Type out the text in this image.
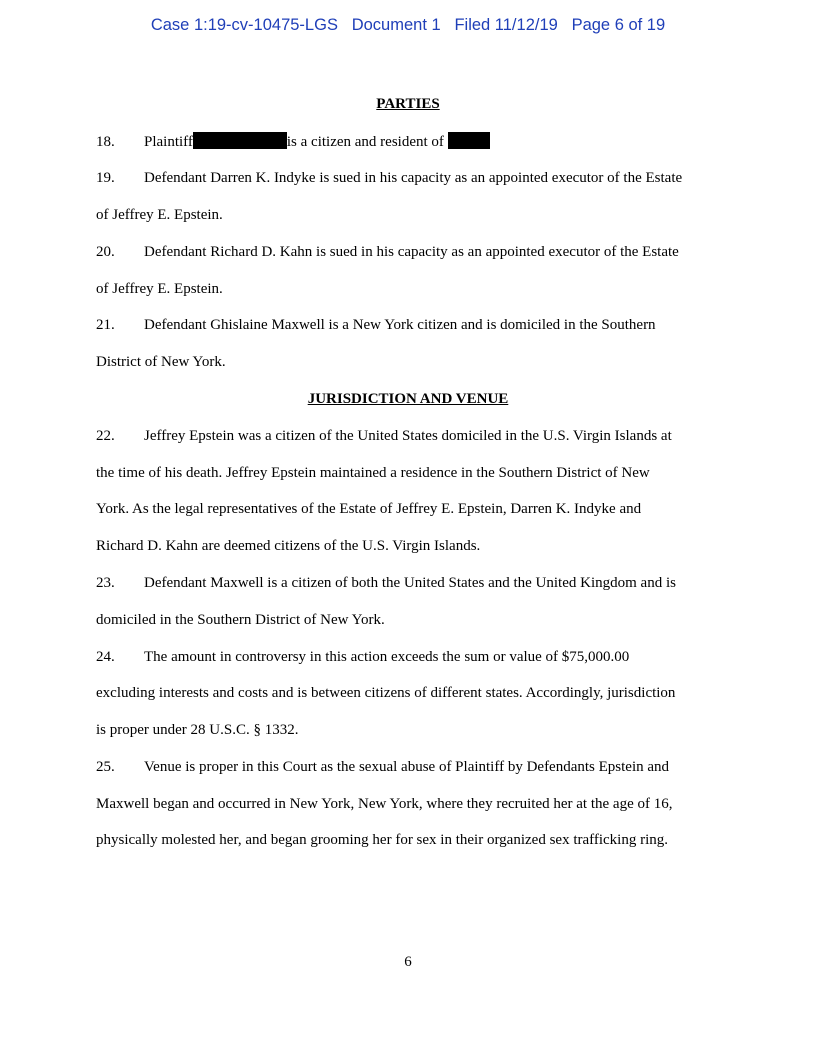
Case 1:19-cv-10475-LGS Document 1 Filed 11/12/19 Page 6 of 19
PARTIES
18. Plaintiff	is a citizen and resident of
19. Defendant Darren K. Indyke is sued in his capacity as an appointed executor of the Estate
of Jeffrey E. Epstein.
20. Defendant Richard D. Kahn is sued in his capacity as an appointed executor of the Estate
of Jeffrey E. Epstein.
21. Defendant Ghislaine Maxwell is a New York citizen and is domiciled in the Southern
District of New York.
JURISDICTION AND VENUE
22. Jeffrey Epstein was a citizen of the United States domiciled in the U.S. Virgin Islands at
the time of his death. Jeffrey Epstein maintained a residence in the Southern District of New
York. As the legal representatives of the Estate of Jeffrey E. Epstein, Darren K. Indyke and
Richard D. Kahn are deemed citizens of the U.S. Virgin Islands.
23. Defendant Maxwell is a citizen of both the United States and the United Kingdom and is
domiciled in the Southern District of New York.
24. The amount in controversy in this action exceeds the sum or value of $75,000.00
excluding interests and costs and is between citizens of different states. Accordingly, jurisdiction
is proper under 28 U.S.C. § 1332.
25. Venue is proper in this Court as the sexual abuse of Plaintiff by Defendants Epstein and
Maxwell began and occurred in New York, New York, where they recruited her at the age of 16,
physically molested her, and began grooming her for sex in their organized sex trafficking ring.
6
